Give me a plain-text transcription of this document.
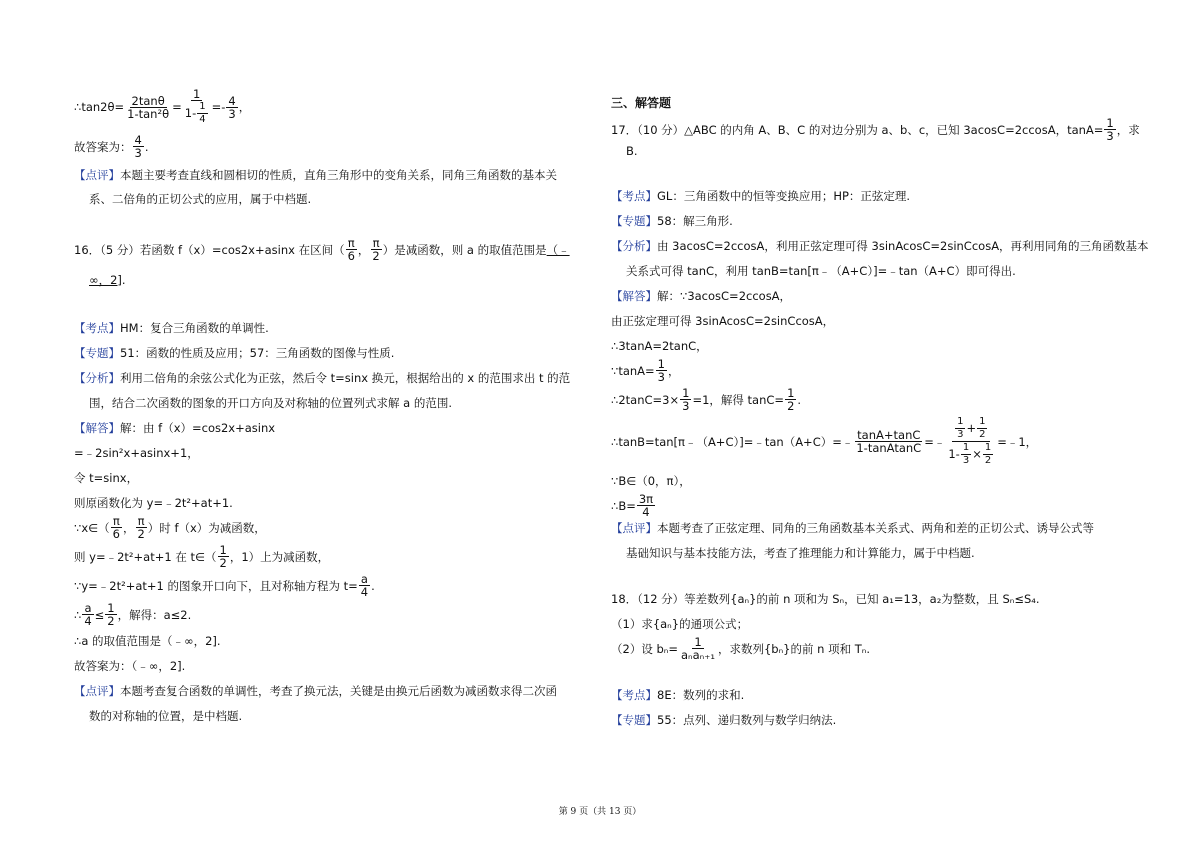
∴tan2θ= $\frac{2\tan\theta}{\text{1-tan²θ}} = \frac{1}{1- \frac{1}{4}} =- \frac{4}{3}$ ，
故答案为： $\frac{4}{3}$ .
【点评】 本题主要考查直线和圆相切的性质，直角三角形中的变角关系，同角三角函数的基本关
系、二倍角的正切公式的应用，属于中档题.
16．（5 分）若函数 f（x）=cos2x+asinx 在区间（ $\frac{\pi}{6}$ ， $\frac{\pi}{2}$ ）是减函数，则 a 的取值范围是 （﹣
∞，2] .
【考点】 HM：复合三角函数的单调性.
【专题】 51：函数的性质及应用；57：三角函数的图像与性质.
【分析】 利用二倍角的余弦公式化为正弦，然后令 t=sinx 换元，根据给出的 x 的范围求出 t 的范
围，结合二次函数的图象的开口方向及对称轴的位置列式求解 a 的范围.
【解答】 解：由 f（x）=cos2x+asinx
=﹣2sin²x+asinx+1，
令 t=sinx，
则原函数化为 y=﹣2t²+at+1.
∵x∈（ $\frac{\pi}{6}$ ， $\frac{\pi}{2}$ ）时 f（x）为减函数，
则 y=﹣2t²+at+1 在 t∈（ $\frac{1}{2}$ ，1）上为减函数，
∵y=﹣2t²+at+1 的图象开口向下，且对称轴方程为 $t= \frac{a}{4}$ .
∴ $\frac{a}{4} \le \frac{1}{2}$ ，解得：a≤2.
∴a 的取值范围是（﹣∞，2].
故答案为：（﹣∞，2].
【点评】 本题考查复合函数的单调性，考查了换元法，关键是由换元后函数为减函数求得二次函
数的对称轴的位置，是中档题.
三、解答题
17．（10 分）△ABC 的内角 A、B、C 的对边分别为 a、b、c，已知 3acosC=2ccosA，$\tan A= \frac{1}{3}$ ，求
B.
【考点】 GL：三角函数中的恒等变换应用；HP：正弦定理.
【专题】 58：解三角形.
【分析】 由 3acosC=2ccosA，利用正弦定理可得 3sinAcosC=2sinCcosA，再利用同角的三角函数基本
关系式可得 tanC，利用 tanB=tan[π﹣（A+C）]=﹣tan（A+C）即可得出.
【解答】 解：∵3acosC=2ccosA，
由正弦定理可得 3sinAcosC=2sinCcosA，
∴3tanA=2tanC，
∵tanA= $\frac{1}{3}$ ，
∴2tanC=3× $\frac{1}{3} =1$，解得 $\tan C= \frac{1}{2}$ .
∴tanB=tan[π﹣（A+C）]=﹣tan（A+C）=﹣ $\frac{\tan A+\tan C}{\text{1-tanAtanC}}$ =﹣ $\frac{\frac{1}{3} + \frac{1}{2}}{1- \frac{1}{3} \times \frac{1}{2}}$ =﹣1，
∵B∈（0，π），
∴B= $\frac{3\pi}{4}$
【点评】 本题考查了正弦定理、同角的三角函数基本关系式、两角和差的正切公式、诱导公式等
基础知识与基本技能方法，考查了推理能力和计算能力，属于中档题.
18．（12 分）等差数列{aₙ}的前 n 项和为 Sₙ，已知 a₁=13，a₂为整数，且 Sₙ≤S₄.
（1）求{aₙ}的通项公式；
（2）设 $b_n= \frac{1}{\text{aₙaₙ₊₁}}$ ，求数列{bₙ}的前 n 项和 Tₙ.
【考点】 8E：数列的求和.
【专题】 55：点列、递归数列与数学归纳法.
第 9 页（共 13 页）
